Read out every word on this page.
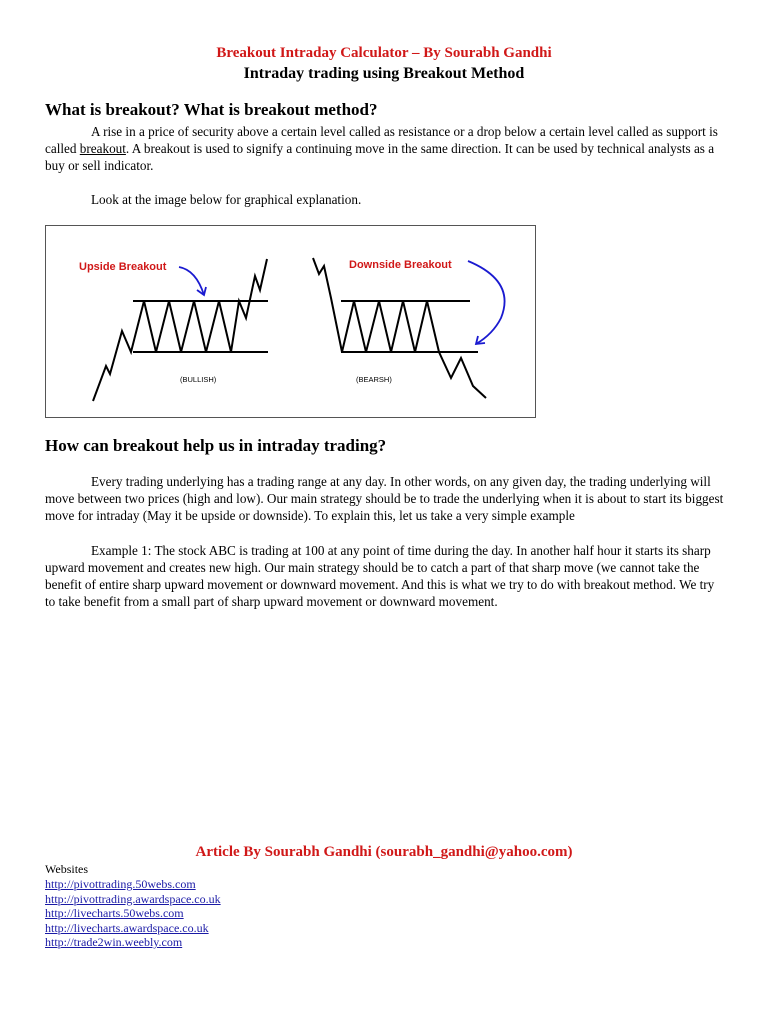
Breakout Intraday Calculator – By Sourabh Gandhi
Intraday trading using Breakout Method
What is breakout? What is breakout method?
A rise in a price of security above a certain level called as resistance or a drop below a certain level called as support is called breakout. A breakout is used to signify a continuing move in the same direction. It can be used by technical analysts as a buy or sell indicator.
Look at the image below for graphical explanation.
Upside Breakout
(BULLISH)
Downside Breakout
(BEARSH)
How can breakout help us in intraday trading?
Every trading underlying has a trading range at any day. In other words, on any given day, the trading underlying will move between two prices (high and low). Our main strategy should be to trade the underlying when it is about to start its biggest move for intraday (May it be upside or downside). To explain this, let us take a very simple example
Example 1: The stock ABC is trading at 100 at any point of time during the day. In another half hour it starts its sharp upward movement and creates new high. Our main strategy should be to catch a part of that sharp move (we cannot take the benefit of entire sharp upward movement or downward movement. And this is what we try to do with breakout method. We try to take benefit from a small part of sharp upward movement or downward movement.
Article By Sourabh Gandhi (sourabh_gandhi@yahoo.com)
Websites
http://pivottrading.50webs.com
http://pivottrading.awardspace.co.uk
http://livecharts.50webs.com
http://livecharts.awardspace.co.uk
http://trade2win.weebly.com
